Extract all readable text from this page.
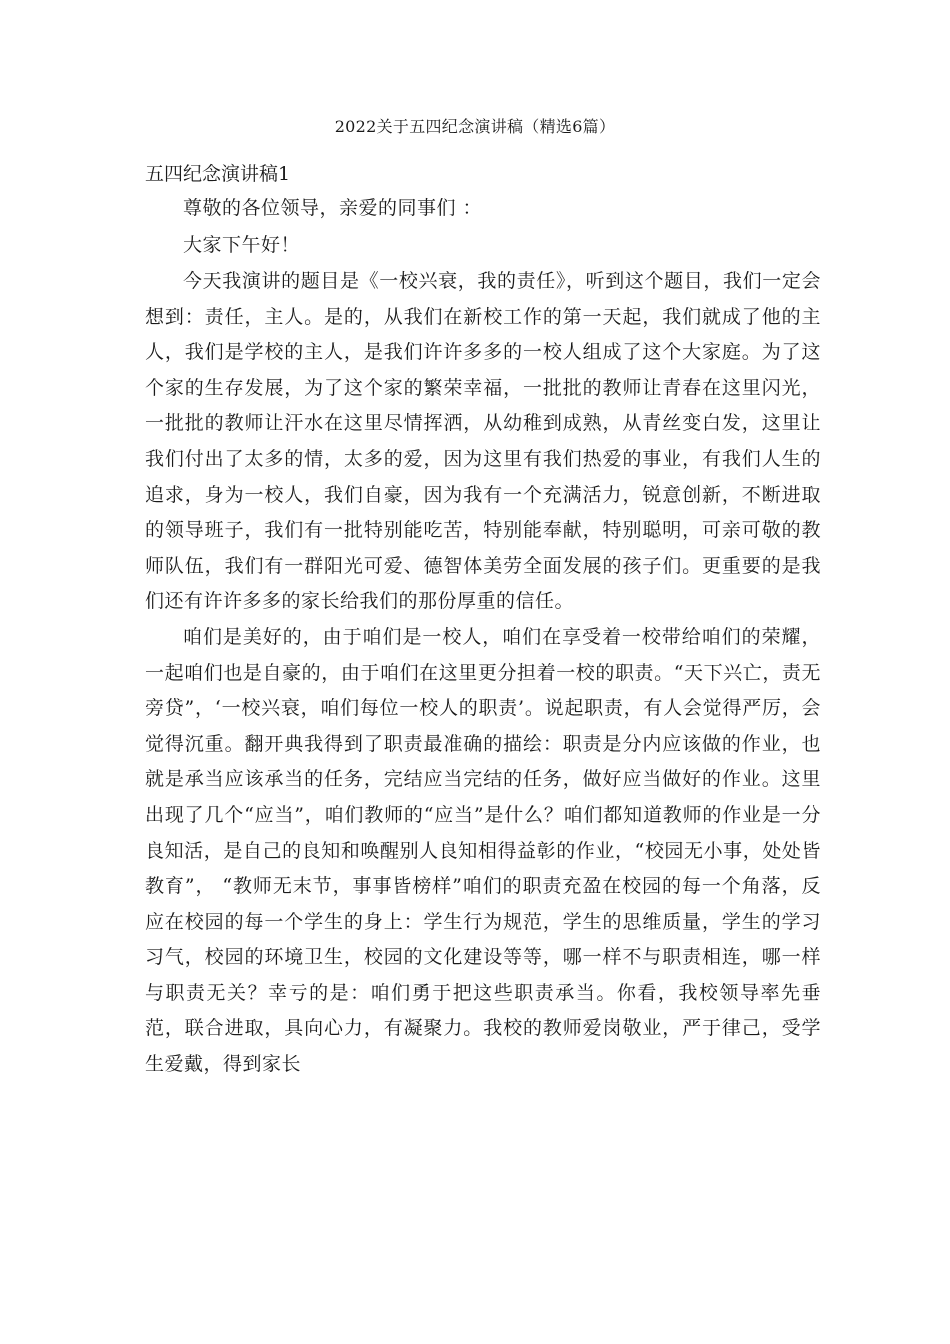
2022关于五四纪念演讲稿（精选6篇）
五四纪念演讲稿1

尊敬的各位领导，亲爱的同事们 ：

大家下午好！

今天我演讲的题目是《一校兴衰，我的责任》，听到这个题目，我们一定会想到：责任，主人。是的，从我们在新校工作的第一天起，我们就成了他的主人，我们是学校的主人，是我们许许多多的一校人组成了这个大家庭。为了这个家的生存发展，为了这个家的繁荣幸福，一批批的教师让青春在这里闪光，一批批的教师让汗水在这里尽情挥洒，从幼稚到成熟，从青丝变白发，这里让我们付出了太多的情，太多的爱，因为这里有我们热爱的事业，有我们人生的追求，身为一校人，我们自豪，因为我有一个充满活力，锐意创新，不断进取的领导班子，我们有一批特别能吃苦，特别能奉献，特别聪明，可亲可敬的教师队伍，我们有一群阳光可爱、德智体美劳全面发展的孩子们。更重要的是我们还有许许多多的家长给我们的那份厚重的信任。

咱们是美好的，由于咱们是一校人，咱们在享受着一校带给咱们的荣耀，一起咱们也是自豪的，由于咱们在这里更分担着一校的职责。“天下兴亡，责无旁贷”，‘一校兴衰，咱们每位一校人的职责’。说起职责，有人会觉得严厉，会觉得沉重。翻开典我得到了职责最准确的描绘：职责是分内应该做的作业，也就是承当应该承当的任务，完结应当完结的任务，做好应当做好的作业。这里出现了几个“应当”，咱们教师的“应当”是什么？咱们都知道教师的作业是一分良知活，是自己的良知和唤醒别人良知相得益彰的作业，“校园无小事，处处皆教育”， “教师无末节，事事皆榜样”咱们的职责充盈在校园的每一个角落，反应在校园的每一个学生的身上：学生行为规范，学生的思维质量，学生的学习习气，校园的环境卫生，校园的文化建设等等，哪一样不与职责相连，哪一样与职责无关？幸亏的是：咱们勇于把这些职责承当。你看，我校领导率先垂范，联合进取，具向心力，有凝聚力。我校的教师爱岗敬业，严于律己，受学生爱戴，得到家长
